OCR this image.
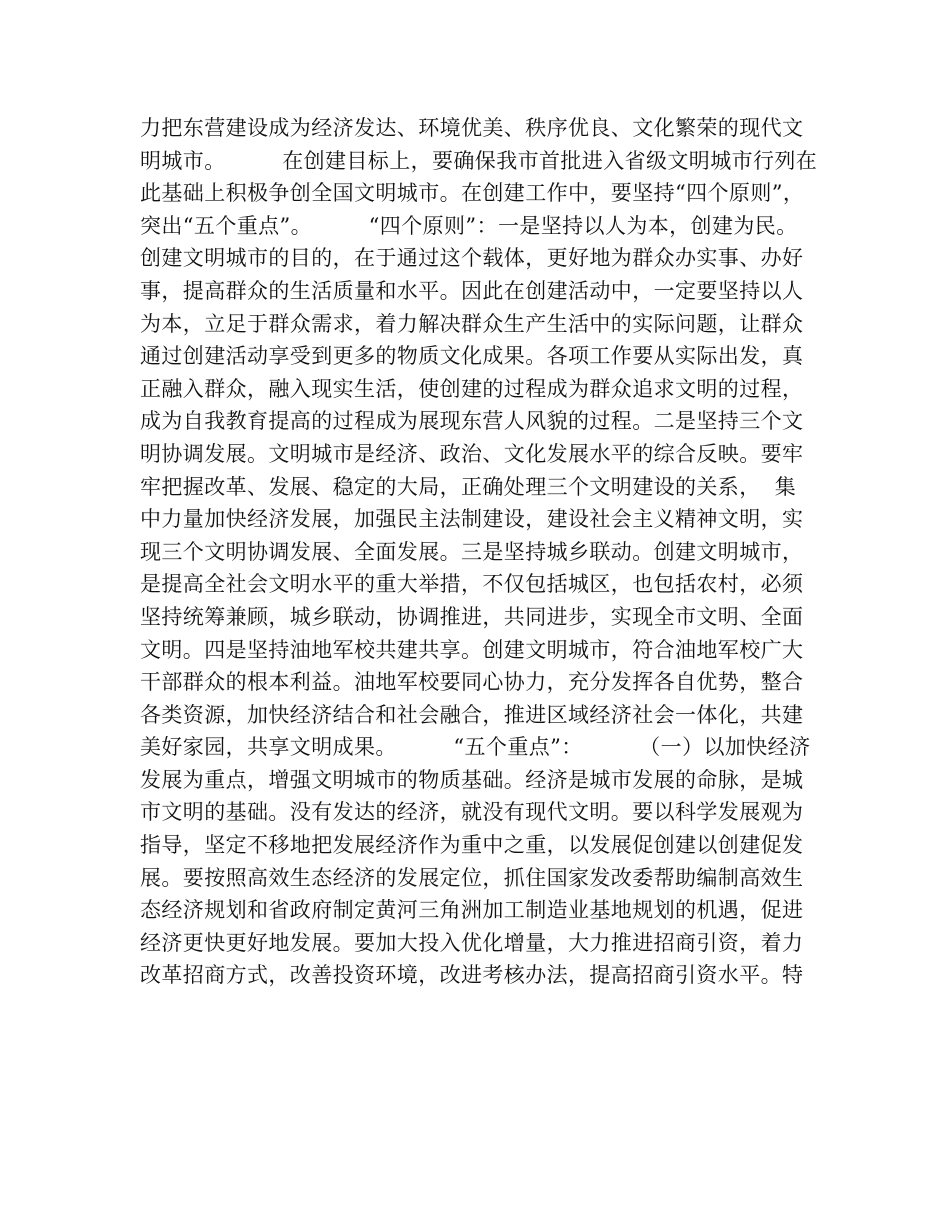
力把东营建设成为经济发达、环境优美、秩序优良、文化繁荣的现代文
明城市。        在创建目标上，要确保我市首批进入省级文明城市行列在
此基础上积极争创全国文明城市。在创建工作中，要坚持“四个原则”，
突出“五个重点”。        “四个原则”：一是坚持以人为本，创建为民。
创建文明城市的目的，在于通过这个载体，更好地为群众办实事、办好
事，提高群众的生活质量和水平。因此在创建活动中，一定要坚持以人
为本，立足于群众需求，着力解决群众生产生活中的实际问题，让群众
通过创建活动享受到更多的物质文化成果。各项工作要从实际出发，真
正融入群众，融入现实生活，使创建的过程成为群众追求文明的过程，
成为自我教育提高的过程成为展现东营人风貌的过程。二是坚持三个文
明协调发展。文明城市是经济、政治、文化发展水平的综合反映。要牢
牢把握改革、发展、稳定的大局，正确处理三个文明建设的关系，  集
中力量加快经济发展，加强民主法制建设，建设社会主义精神文明，实
现三个文明协调发展、全面发展。三是坚持城乡联动。创建文明城市，
是提高全社会文明水平的重大举措，不仅包括城区，也包括农村，必须
坚持统筹兼顾，城乡联动，协调推进，共同进步，实现全市文明、全面
文明。四是坚持油地军校共建共享。创建文明城市，符合油地军校广大
干部群众的根本利益。油地军校要同心协力，充分发挥各自优势，整合
各类资源，加快经济结合和社会融合，推进区域经济社会一体化，共建
美好家园，共享文明成果。        “五个重点”：        （一）以加快经济
发展为重点，增强文明城市的物质基础。经济是城市发展的命脉，是城
市文明的基础。没有发达的经济，就没有现代文明。要以科学发展观为
指导，坚定不移地把发展经济作为重中之重，以发展促创建以创建促发
展。要按照高效生态经济的发展定位，抓住国家发改委帮助编制高效生
态经济规划和省政府制定黄河三角洲加工制造业基地规划的机遇，促进
经济更快更好地发展。要加大投入优化增量，大力推进招商引资，着力
改革招商方式，改善投资环境，改进考核办法，提高招商引资水平。特
